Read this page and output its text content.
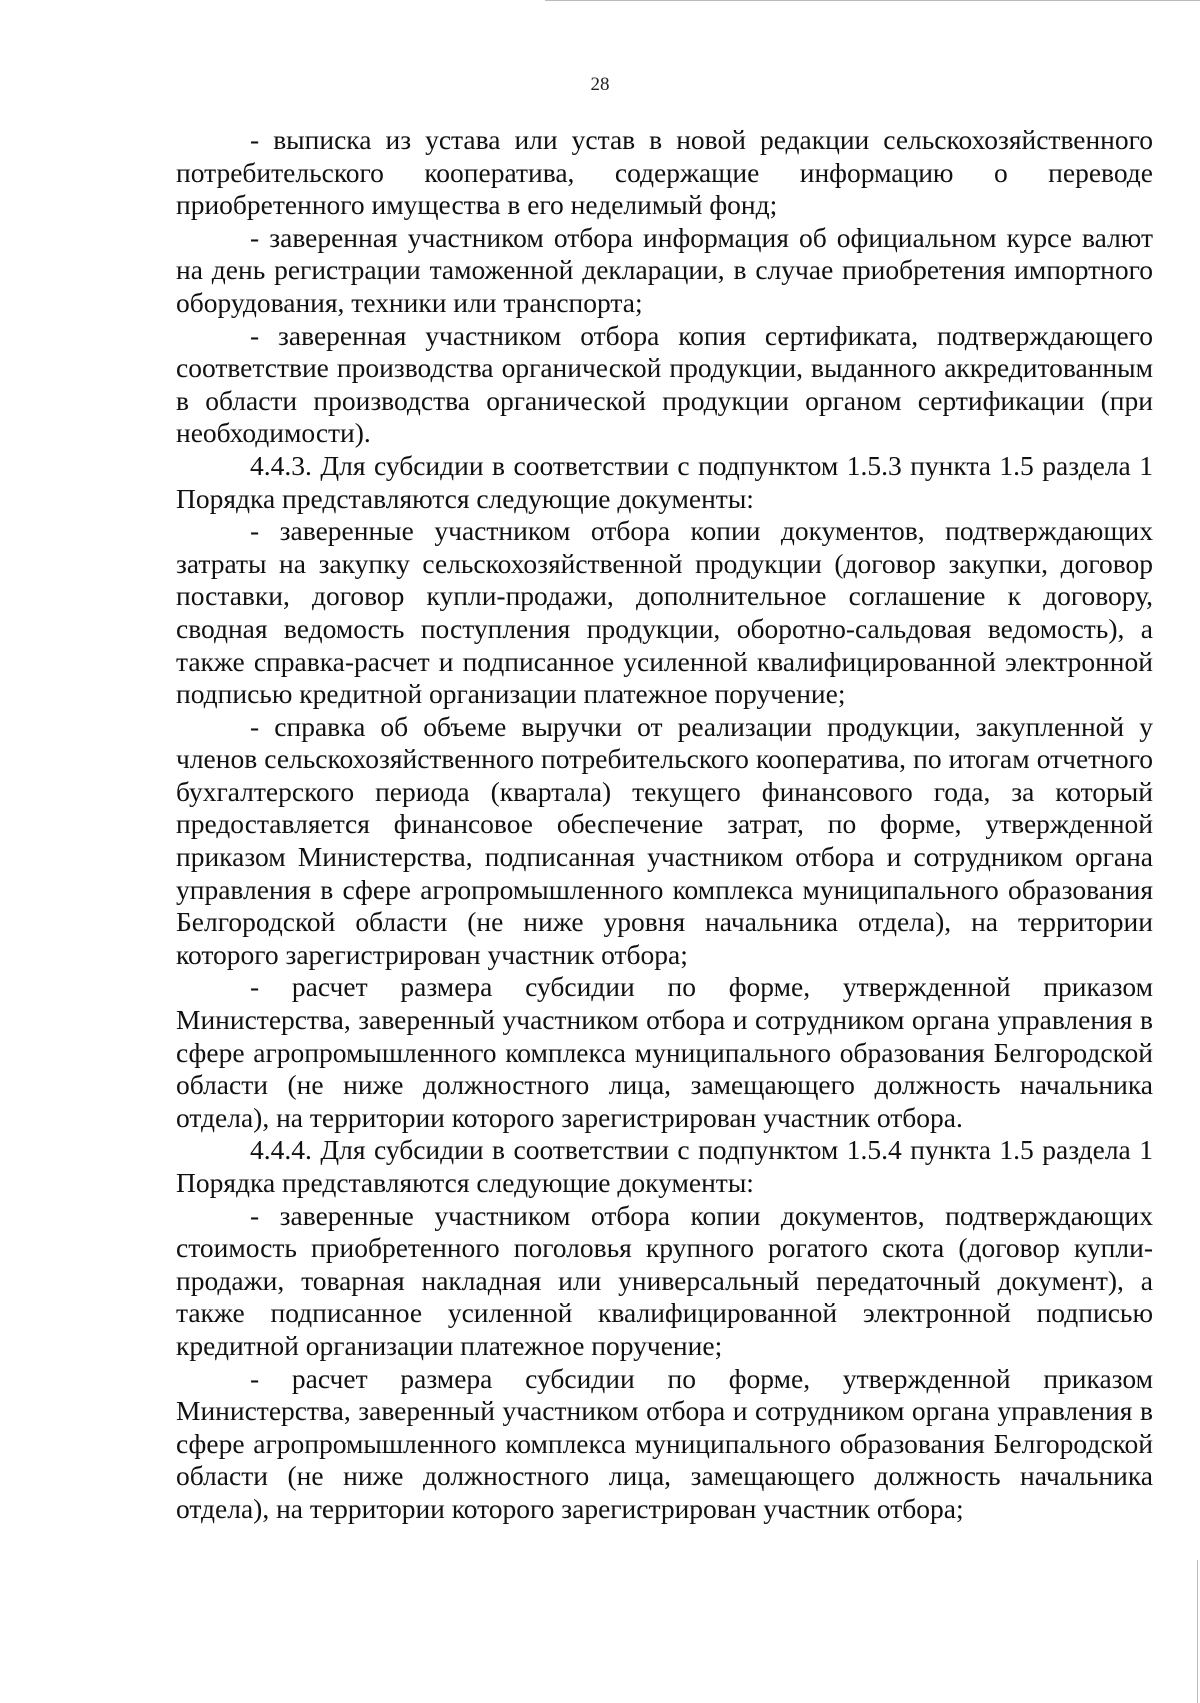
28

- выписка из устава или устав в новой редакции сельскохозяйственного потребительского кооператива, содержащие информацию о переводе приобретенного имущества в его неделимый фонд;

- заверенная участником отбора информация об официальном курсе валют на день регистрации таможенной декларации, в случае приобретения импортного оборудования, техники или транспорта;

- заверенная участником отбора копия сертификата, подтверждающего соответствие производства органической продукции, выданного аккредитованным в области производства органической продукции органом сертификации (при необходимости).

4.4.3. Для субсидии в соответствии с подпунктом 1.5.3 пункта 1.5 раздела 1 Порядка представляются следующие документы:

- заверенные участником отбора копии документов, подтверждающих затраты на закупку сельскохозяйственной продукции (договор закупки, договор поставки, договор купли-продажи, дополнительное соглашение к договору, сводная ведомость поступления продукции, оборотно-сальдовая ведомость), а также справка-расчет и подписанное усиленной квалифицированной электронной подписью кредитной организации платежное поручение;

- справка об объеме выручки от реализации продукции, закупленной у членов сельскохозяйственного потребительского кооператива, по итогам отчетного бухгалтерского периода (квартала) текущего финансового года, за который предоставляется финансовое обеспечение затрат, по форме, утвержденной приказом Министерства, подписанная участником отбора и сотрудником органа управления в сфере агропромышленного комплекса муниципального образования Белгородской области (не ниже уровня начальника отдела), на территории которого зарегистрирован участник отбора;

- расчет размера субсидии по форме, утвержденной приказом Министерства, заверенный участником отбора и сотрудником органа управления в сфере агропромышленного комплекса муниципального образования Белгородской области (не ниже должностного лица, замещающего должность начальника отдела), на территории которого зарегистрирован участник отбора.

4.4.4. Для субсидии в соответствии с подпунктом 1.5.4 пункта 1.5 раздела 1 Порядка представляются следующие документы:

- заверенные участником отбора копии документов, подтверждающих стоимость приобретенного поголовья крупного рогатого скота (договор купли-продажи, товарная накладная или универсальный передаточный документ), а также подписанное усиленной квалифицированной электронной подписью кредитной организации платежное поручение;

- расчет размера субсидии по форме, утвержденной приказом Министерства, заверенный участником отбора и сотрудником органа управления в сфере агропромышленного комплекса муниципального образования Белгородской области (не ниже должностного лица, замещающего должность начальника отдела), на территории которого зарегистрирован участник отбора;
